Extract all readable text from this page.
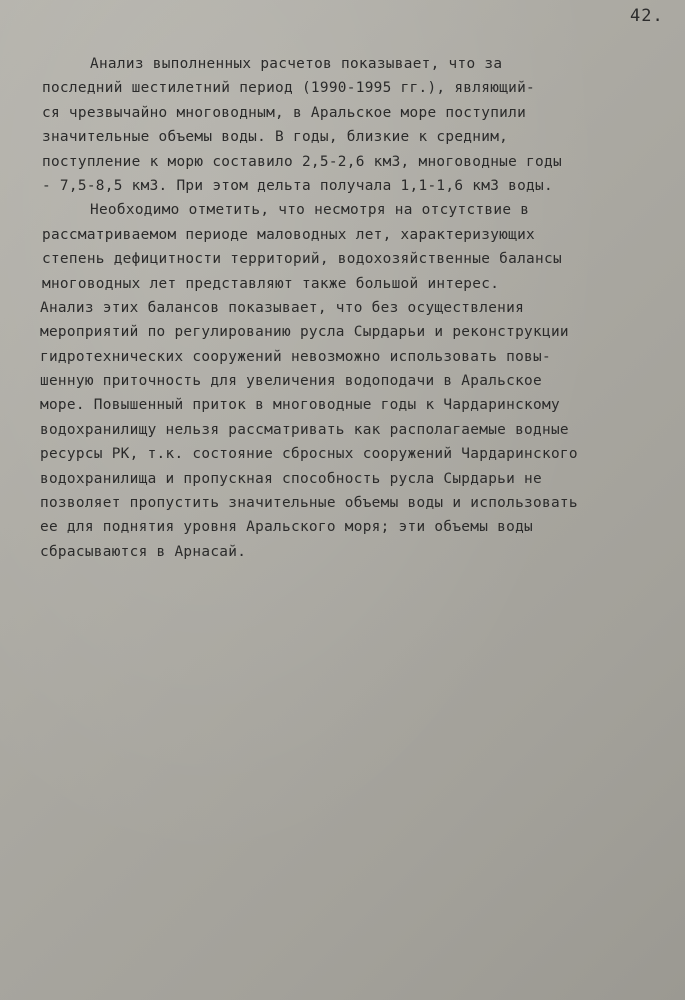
42.
Анализ выполненных расчетов показывает, что за
последний шестилетний период (1990-1995 гг.), являющий-
ся чрезвычайно многоводным, в Аральское море поступили
значительные объемы воды. В годы, близкие к средним,
поступление к морю составило 2,5-2,6 км3, многоводные годы
- 7,5-8,5 км3. При этом дельта получала 1,1-1,6 км3 воды.
Необходимо отметить, что несмотря на отсутствие в
рассматриваемом периоде маловодных лет, характеризующих
степень дефицитности территорий, водохозяйственные балансы
многоводных лет представляют также большой интерес.
Анализ этих балансов показывает, что без осуществления
мероприятий по регулированию русла Сырдарьи и реконструкции
гидротехнических сооружений невозможно использовать повы-
шенную приточность для увеличения водоподачи в Аральское
море. Повышенный приток в многоводные годы к Чардаринскому
водохранилищу нельзя рассматривать как располагаемые водные
ресурсы РК, т.к. состояние сбросных сооружений Чардаринского
водохранилища и пропускная способность русла Сырдарьи не
позволяет пропустить значительные объемы воды и использовать
ее для поднятия уровня Аральского моря; эти объемы воды
сбрасываются в Арнасай.
